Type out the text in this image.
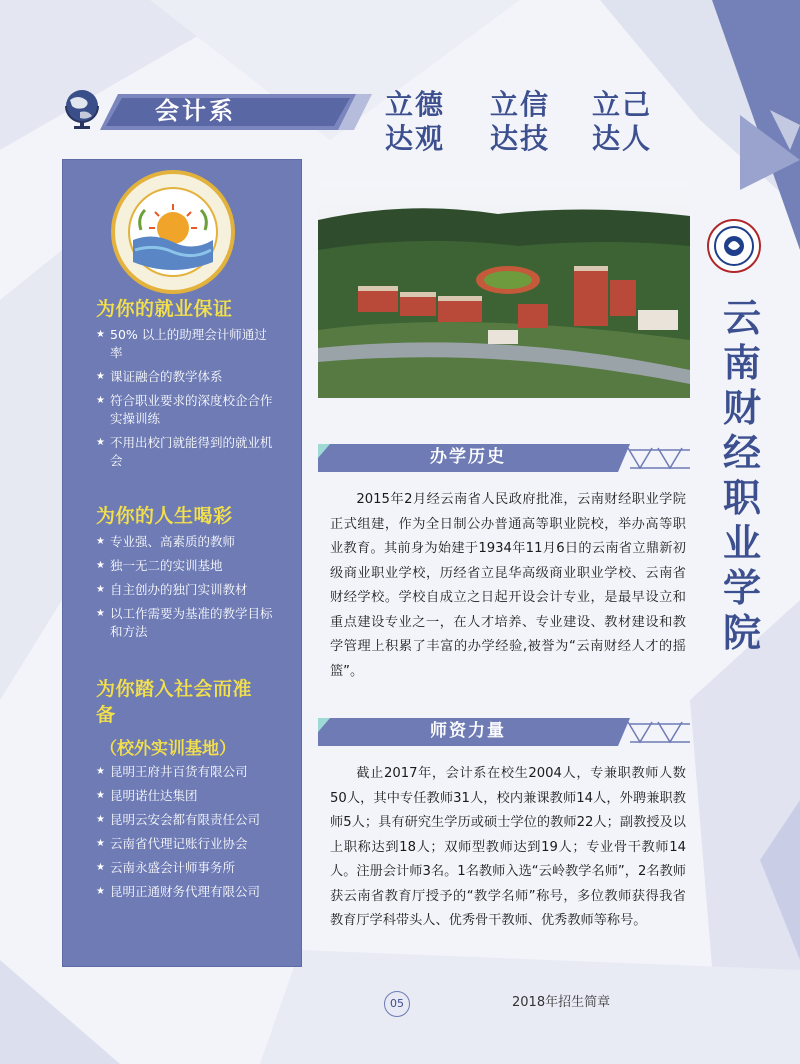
会计系	立德
达观
立信
达技
立己
达人
为你的就业保证
★ 50% 以上的助理会计师通过率
★ 课证融合的教学体系
★ 符合职业要求的深度校企合作实操训练
★ 不用出校门就能得到的就业机会
为你的人生喝彩
★ 专业强、高素质的教师
★ 独一无二的实训基地
★ 自主创办的独门实训教材
★ 以工作需要为基准的教学目标和方法
为你踏入社会而准备
（校外实训基地）
★ 昆明王府井百货有限公司
★ 昆明诺仕达集团
★ 昆明云安会都有限责任公司
★ 云南省代理记账行业协会
★ 云南永盛会计师事务所
★ 昆明正通财务代理有限公司
云
南
财
经
职
业
学
院
办学历史

2015年2月经云南省人民政府批准，云南财经职业学院正式组建，作为全日制公办普通高等职业院校，举办高等职业教育。其前身为始建于1934年11月6日的云南省立鼎新初级商业职业学校，历经省立昆华高级商业职业学校、云南省财经学校。学校自成立之日起开设会计专业，是最早设立和重点建设专业之一，在人才培养、专业建设、教材建设和教学管理上积累了丰富的办学经验,被誉为“云南财经人才的摇篮”。

师资力量

截止2017年，会计系在校生2004人，专兼职教师人数50人，其中专任教师31人，校内兼课教师14人，外聘兼职教师5人；具有研究生学历或硕士学位的教师22人；副教授及以上职称达到18人；双师型教师达到19人；专业骨干教师14人。注册会计师3名。1名教师入选“云岭教学名师”，2名教师获云南省教育厅授予的“教学名师”称号，多位教师获得我省教育厅学科带头人、优秀骨干教师、优秀教师等称号。

05	2018年招生简章
